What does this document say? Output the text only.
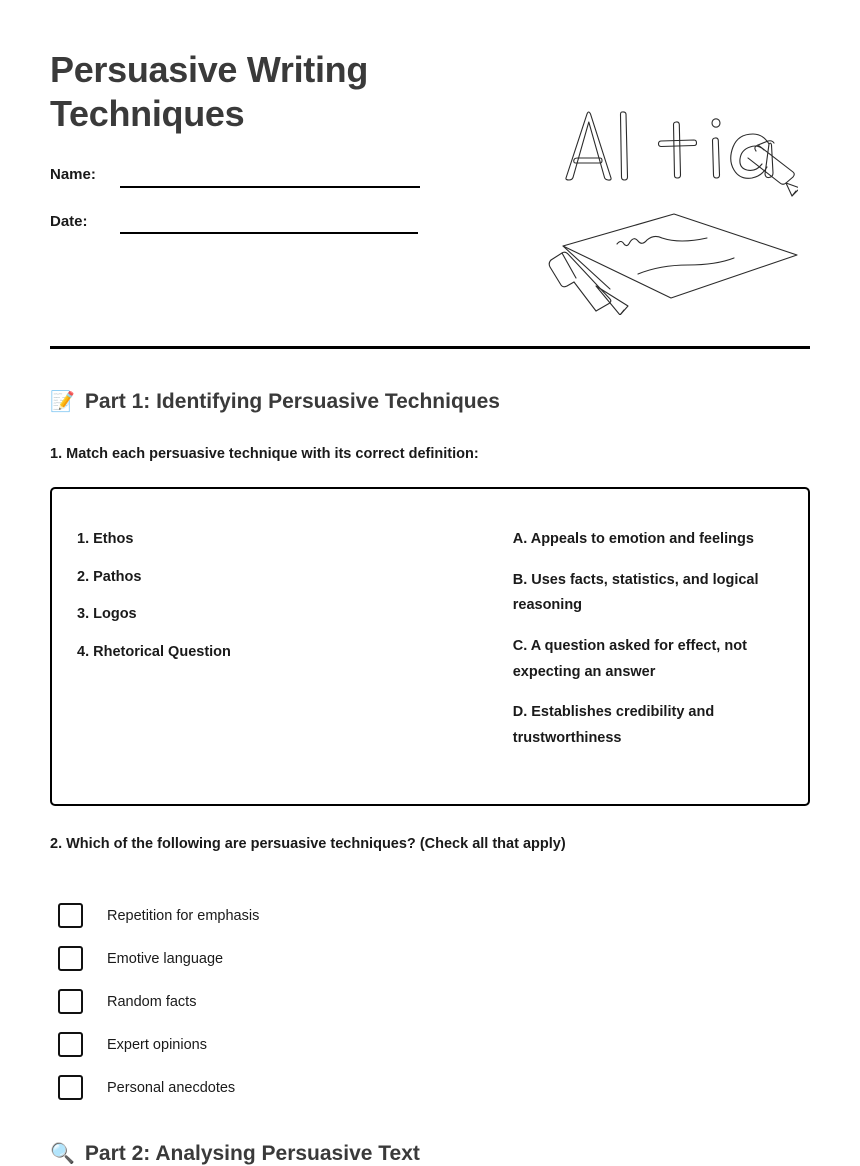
Persuasive Writing Techniques
Name:
Date:
📝 Part 1: Identifying Persuasive Techniques
1. Match each persuasive technique with its correct definition:
1. Ethos
2. Pathos
3. Logos
4. Rhetorical Question
A. Appeals to emotion and feelings
B. Uses facts, statistics, and logical reasoning
C. A question asked for effect, not expecting an answer
D. Establishes credibility and trustworthiness
2. Which of the following are persuasive techniques? (Check all that apply)
Repetition for emphasis
Emotive language
Random facts
Expert opinions
Personal anecdotes
🔍 Part 2: Analysing Persuasive Text
